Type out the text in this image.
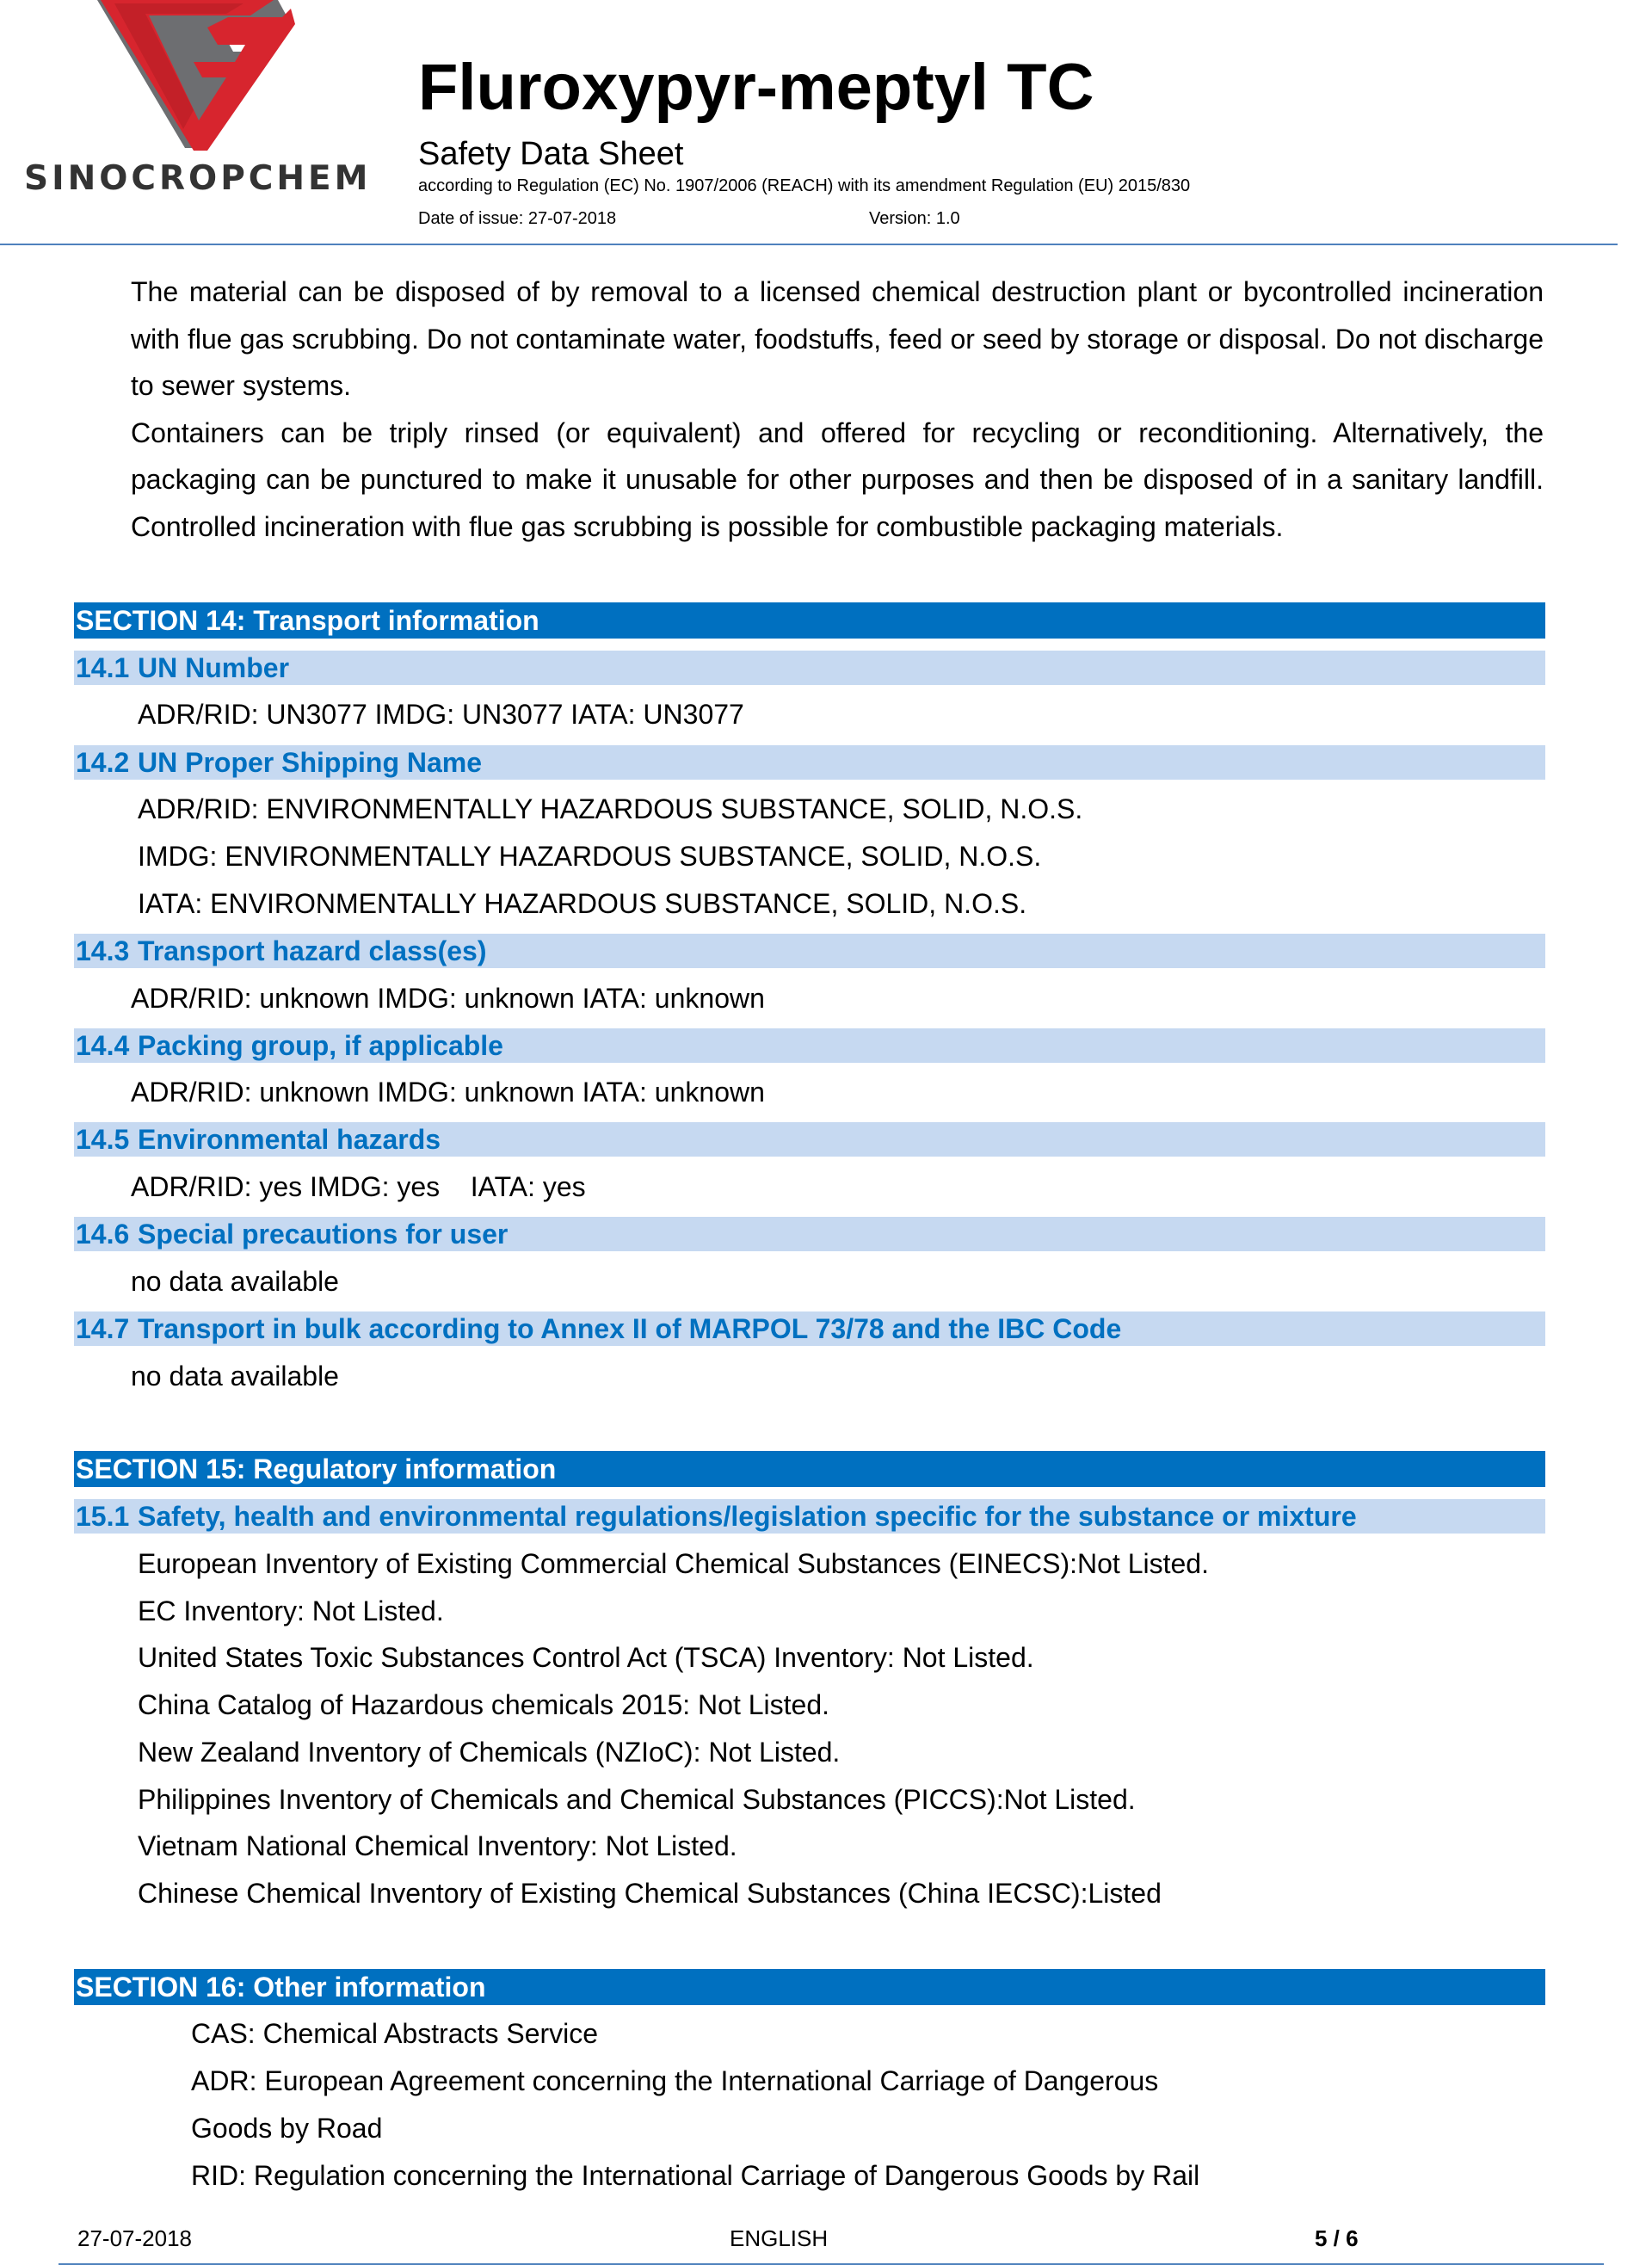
SINOCROPCHEM
Fluroxypyr-meptyl TC
Safety Data Sheet
according to Regulation (EC) No. 1907/2006 (REACH) with its amendment Regulation (EU) 2015/830
Date of issue: 27-07-2018	Version: 1.0

The material can be disposed of by removal to a licensed chemical destruction plant or bycontrolled incineration with flue gas scrubbing. Do not contaminate water, foodstuffs, feed or seed by storage or disposal. Do not discharge to sewer systems.

Containers can be triply rinsed (or equivalent) and offered for recycling or reconditioning. Alternatively, the packaging can be punctured to make it unusable for other purposes and then be disposed of in a sanitary landfill. Controlled incineration with flue gas scrubbing is possible for combustible packaging materials.

SECTION 14: Transport information
14.1 UN Number
ADR/RID: UN3077 IMDG: UN3077 IATA: UN3077
14.2 UN Proper Shipping Name
ADR/RID: ENVIRONMENTALLY HAZARDOUS SUBSTANCE, SOLID, N.O.S.
IMDG: ENVIRONMENTALLY HAZARDOUS SUBSTANCE, SOLID, N.O.S.
IATA: ENVIRONMENTALLY HAZARDOUS SUBSTANCE, SOLID, N.O.S.
14.3 Transport hazard class(es)
ADR/RID: unknown IMDG: unknown IATA: unknown
14.4 Packing group, if applicable
ADR/RID: unknown IMDG: unknown IATA: unknown
14.5 Environmental hazards
ADR/RID: yes IMDG: yes    IATA: yes
14.6 Special precautions for user
no data available
14.7 Transport in bulk according to Annex II of MARPOL 73/78 and the IBC Code
no data available
SECTION 15: Regulatory information
15.1 Safety, health and environmental regulations/legislation specific for the substance or mixture
European Inventory of Existing Commercial Chemical Substances (EINECS):Not Listed.
EC Inventory: Not Listed.
United States Toxic Substances Control Act (TSCA) Inventory: Not Listed.
China Catalog of Hazardous chemicals 2015: Not Listed.
New Zealand Inventory of Chemicals (NZIoC): Not Listed.
Philippines Inventory of Chemicals and Chemical Substances (PICCS):Not Listed.
Vietnam National Chemical Inventory: Not Listed.
Chinese Chemical Inventory of Existing Chemical Substances (China IECSC):Listed
SECTION 16: Other information
CAS: Chemical Abstracts Service
ADR: European Agreement concerning the International Carriage of Dangerous
Goods by Road
RID: Regulation concerning the International Carriage of Dangerous Goods by Rail
27-07-2018	ENGLISH	5 / 6
